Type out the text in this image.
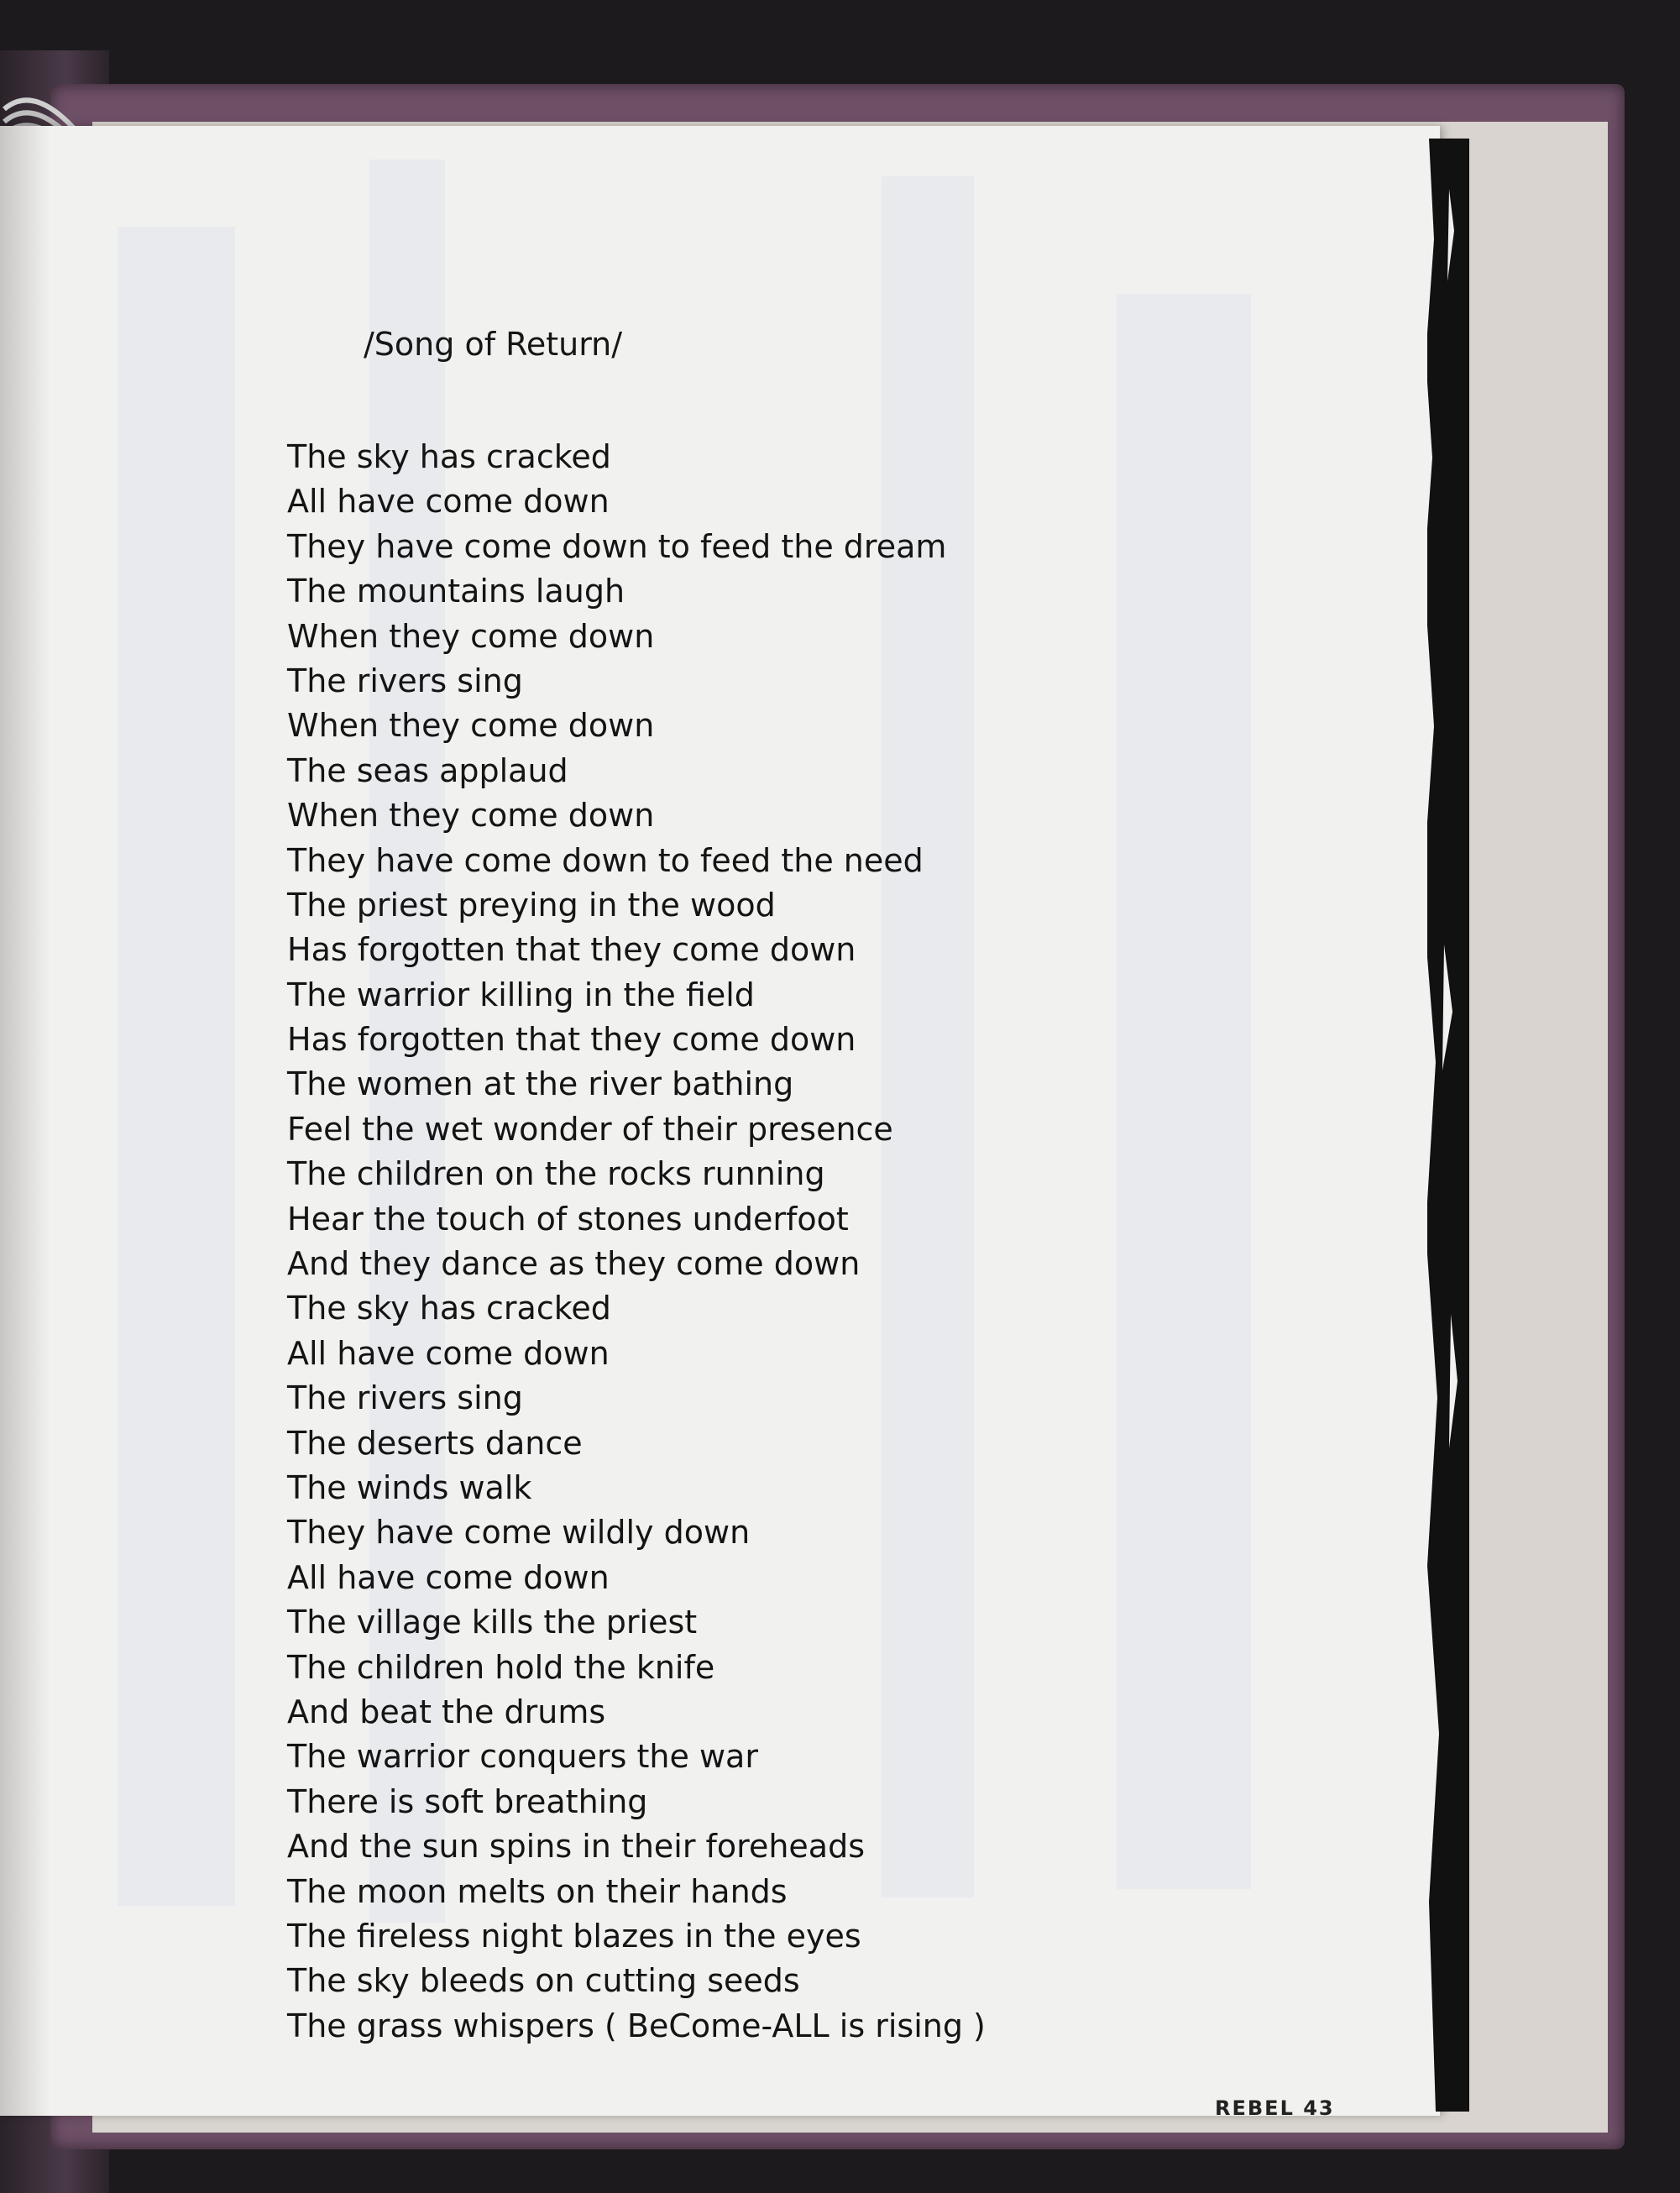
/Song of Return/
The sky has cracked
All have come down
They have come down to feed the dream
The mountains laugh
When they come down
The rivers sing
When they come down
The seas applaud
When they come down
They have come down to feed the need
The priest preying in the wood
Has forgotten that they come down
The warrior killing in the field
Has forgotten that they come down
The women at the river bathing
Feel the wet wonder of their presence
The children on the rocks running
Hear the touch of stones underfoot
And they dance as they come down
The sky has cracked
All have come down
The rivers sing
The deserts dance
The winds walk
They have come wildly down
All have come down
The village kills the priest
The children hold the knife
And beat the drums
The warrior conquers the war
There is soft breathing
And the sun spins in their foreheads
The moon melts on their hands
The fireless night blazes in the eyes
The sky bleeds on cutting seeds
The grass whispers ( BeCome-ALL is rising )
REBEL 43
